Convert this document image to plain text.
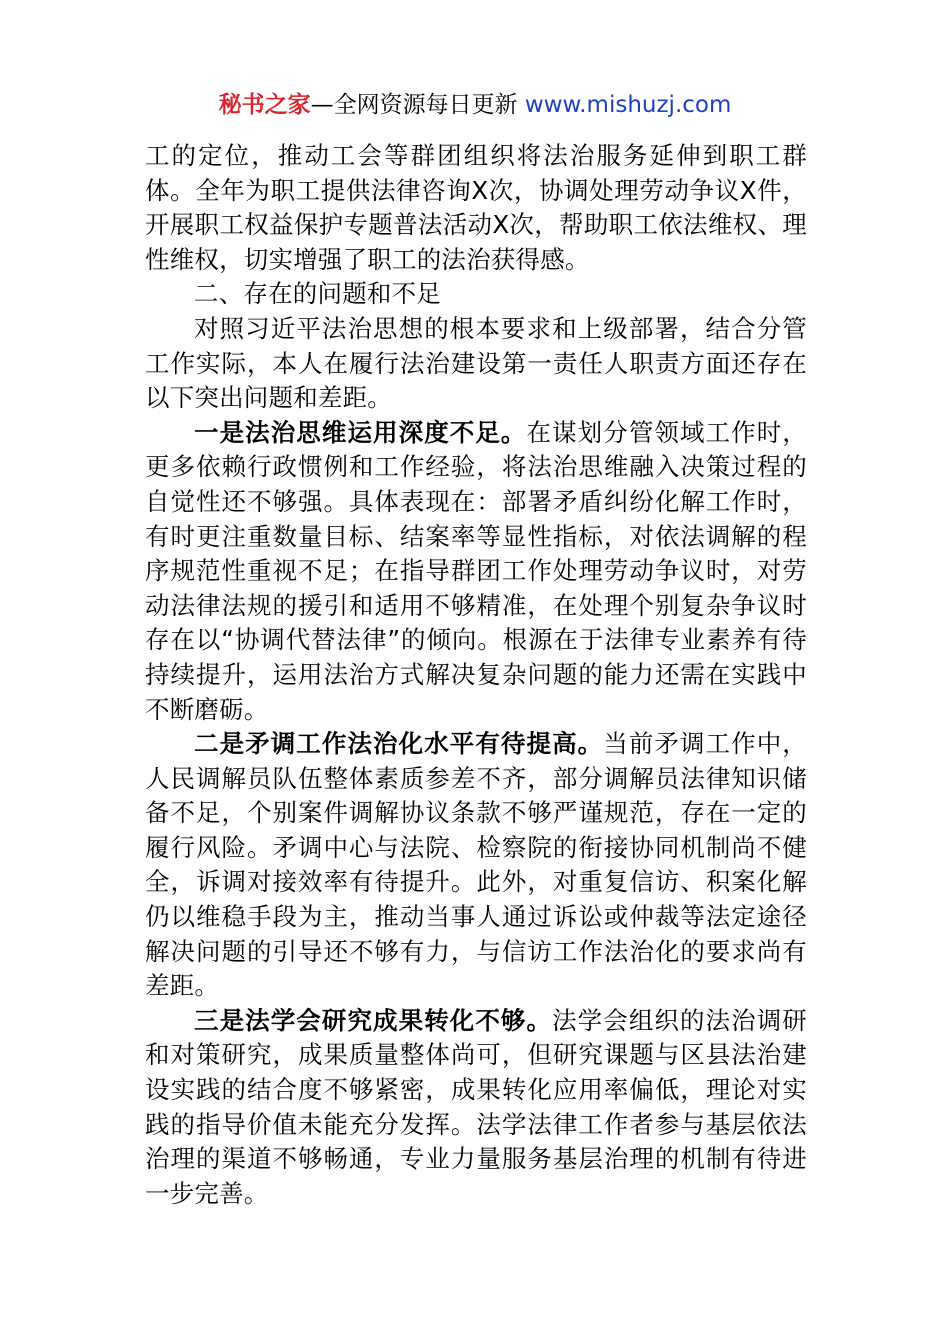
秘书之家—全网资源每日更新 www.mishuzj.com

工的定位，推动工会等群团组织将法治服务延伸到职工群体。全年为职工提供法律咨询X次，协调处理劳动争议X件，开展职工权益保护专题普法活动X次，帮助职工依法维权、理性维权，切实增强了职工的法治获得感。

二、存在的问题和不足

对照习近平法治思想的根本要求和上级部署，结合分管工作实际，本人在履行法治建设第一责任人职责方面还存在以下突出问题和差距。

一是法治思维运用深度不足。在谋划分管领域工作时，更多依赖行政惯例和工作经验，将法治思维融入决策过程的自觉性还不够强。具体表现在：部署矛盾纠纷化解工作时，有时更注重数量目标、结案率等显性指标，对依法调解的程序规范性重视不足；在指导群团工作处理劳动争议时，对劳动法律法规的援引和适用不够精准，在处理个别复杂争议时存在以“协调代替法律”的倾向。根源在于法律专业素养有待持续提升，运用法治方式解决复杂问题的能力还需在实践中不断磨砺。

二是矛调工作法治化水平有待提高。当前矛调工作中，人民调解员队伍整体素质参差不齐，部分调解员法律知识储备不足，个别案件调解协议条款不够严谨规范，存在一定的履行风险。矛调中心与法院、检察院的衔接协同机制尚不健全，诉调对接效率有待提升。此外，对重复信访、积案化解仍以维稳手段为主，推动当事人通过诉讼或仲裁等法定途径解决问题的引导还不够有力，与信访工作法治化的要求尚有差距。

三是法学会研究成果转化不够。法学会组织的法治调研和对策研究，成果质量整体尚可，但研究课题与区县法治建设实践的结合度不够紧密，成果转化应用率偏低，理论对实践的指导价值未能充分发挥。法学法律工作者参与基层依法治理的渠道不够畅通，专业力量服务基层治理的机制有待进一步完善。
